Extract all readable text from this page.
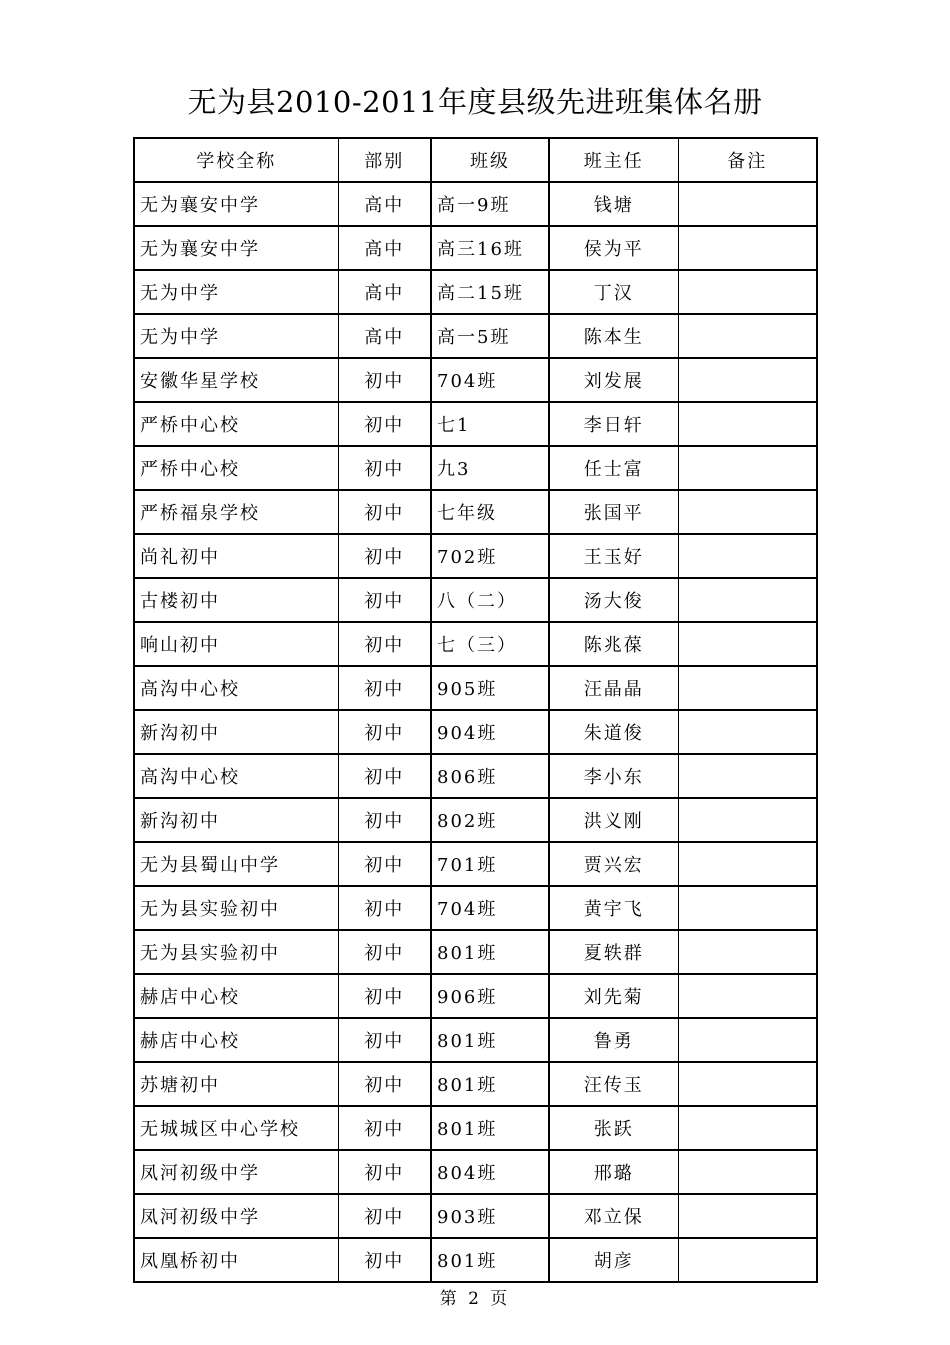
无为县2010-2011年度县级先进班集体名册
学校全称	部别	班级	班主任	备注
无为襄安中学	高中	高一9班	钱塘	
无为襄安中学	高中	高三16班	侯为平	
无为中学	高中	高二15班	丁汉	
无为中学	高中	高一5班	陈本生	
安徽华星学校	初中	704班	刘发展	
严桥中心校	初中	七1	李日轩	
严桥中心校	初中	九3	任士富	
严桥福泉学校	初中	七年级	张国平	
尚礼初中	初中	702班	王玉好	
古楼初中	初中	八（二）	汤大俊	
响山初中	初中	七（三）	陈兆葆	
高沟中心校	初中	905班	汪晶晶	
新沟初中	初中	904班	朱道俊	
高沟中心校	初中	806班	李小东	
新沟初中	初中	802班	洪义刚	
无为县蜀山中学	初中	701班	贾兴宏	
无为县实验初中	初中	704班	黄宇飞	
无为县实验初中	初中	801班	夏轶群	
赫店中心校	初中	906班	刘先菊	
赫店中心校	初中	801班	鲁勇	
苏塘初中	初中	801班	汪传玉	
无城城区中心学校	初中	801班	张跃	
凤河初级中学	初中	804班	邢璐	
凤河初级中学	初中	903班	邓立保	
凤凰桥初中	初中	801班	胡彦	
第 2 页
